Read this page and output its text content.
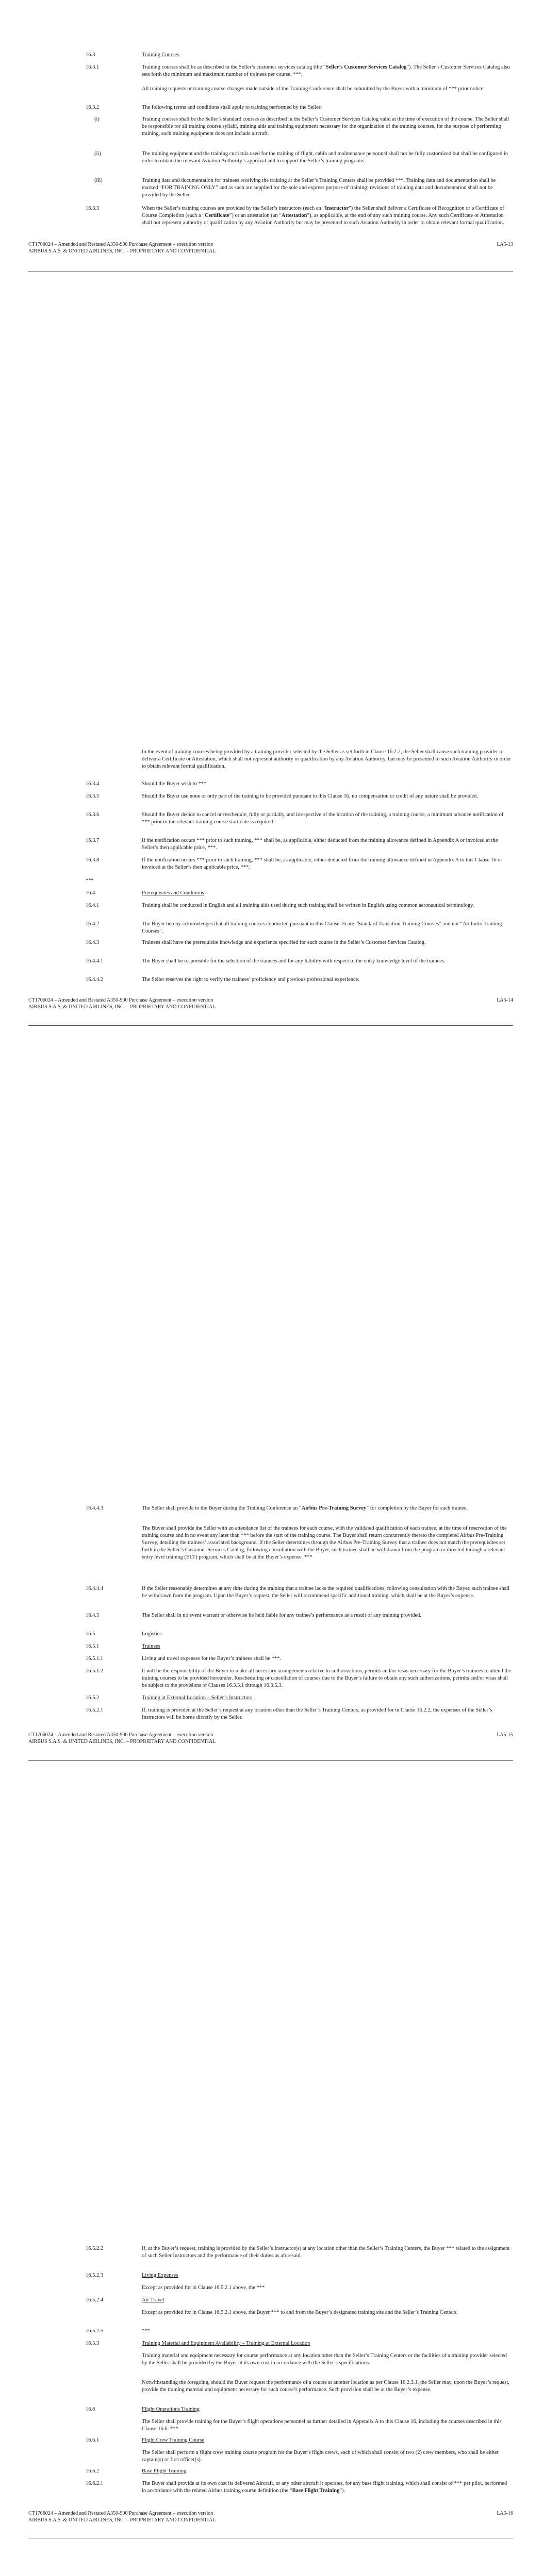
16.3	Training Courses
16.3.1	Training courses shall be as described in the Seller’s customer services catalog (the “Seller’s Customer Services Catalog”). The Seller’s Customer Services Catalog also sets forth the minimum and maximum number of trainees per course. ***.
All training requests or training course changes made outside of the Training Conference shall be submitted by the Buyer with a minimum of *** prior notice.
16.3.2	The following terms and conditions shall apply to training performed by the Seller:
(i)	Training courses shall be the Seller’s standard courses as described in the Seller’s Customer Services Catalog valid at the time of execution of the course. The Seller shall be responsible for all training course syllabi, training aids and training equipment necessary for the organization of the training courses, for the purpose of performing training, such training equipment does not include aircraft.
(ii)	The training equipment and the training curricula used for the training of flight, cabin and maintenance personnel shall not be fully customized but shall be configured in order to obtain the relevant Aviation Authority’s approval and to support the Seller’s training programs.
(iii)	Training data and documentation for trainees receiving the training at the Seller’s Training Centers shall be provided ***. Training data and documentation shall be marked “FOR TRAINING ONLY” and as such are supplied for the sole and express purpose of training; revisions of training data and documentation shall not be provided by the Seller.
16.3.3	When the Seller’s training courses are provided by the Seller’s instructors (each an “Instructor”) the Seller shall deliver a Certificate of Recognition or a Certificate of Course Completion (each a “Certificate”) or an attestation (an “Attestation”), as applicable, at the end of any such training course. Any such Certificate or Attestation shall not represent authority or qualification by any Aviation Authority but may be presented to such Aviation Authority in order to obtain relevant formal qualification.
CT1706024 – Amended and Restated A350-900 Purchase Agreement – execution version
AIRBUS S.A.S. & UNITED AIRLINES, INC. – PROPRIETARY AND CONFIDENTIAL
LA5-13
In the event of training courses being provided by a training provider selected by the Seller as set forth in Clause 16.2.2, the Seller shall cause such training provider to deliver a Certificate or Attestation, which shall not represent authority or qualification by any Aviation Authority, but may be presented to such Aviation Authority in order to obtain relevant formal qualification.
16.3.4	Should the Buyer wish to ***
16.3.5	Should the Buyer use none or only part of the training to be provided pursuant to this Clause 16, no compensation or credit of any nature shall be provided.
16.3.6	Should the Buyer decide to cancel or reschedule, fully or partially, and irrespective of the location of the training, a training course, a minimum advance notification of *** prior to the relevant training course start date is required.
16.3.7	If the notification occurs *** prior to such training, *** shall be, as applicable, either deducted from the training allowance defined in Appendix A or invoiced at the Seller’s then applicable price, ***.
16.3.8	If the notification occurs *** prior to such training, *** shall be, as applicable, either deducted from the training allowance defined in Appendix A to this Clause 16 or invoiced at the Seller’s then applicable price, ***.
***
16.4	Prerequisites and Conditions
16.4.1	Training shall be conducted in English and all training aids used during such training shall be written in English using common aeronautical terminology.
16.4.2	The Buyer hereby acknowledges that all training courses conducted pursuant to this Clause 16 are “Standard Transition Training Courses” and not “Ab Initio Training Courses”.
16.4.3	Trainees shall have the prerequisite knowledge and experience specified for each course in the Seller’s Customer Services Catalog.
16.4.4.1	The Buyer shall be responsible for the selection of the trainees and for any liability with respect to the entry knowledge level of the trainees.
16.4.4.2	The Seller reserves the right to verify the trainees’ proficiency and previous professional experience.
CT1706024 – Amended and Restated A350-900 Purchase Agreement – execution version
AIRBUS S.A.S. & UNITED AIRLINES, INC. – PROPRIETARY AND CONFIDENTIAL
LA5-14
16.4.4.3	The Seller shall provide to the Buyer during the Training Conference an “Airbus Pre-Training Survey” for completion by the Buyer for each trainee.
The Buyer shall provide the Seller with an attendance list of the trainees for each course, with the validated qualification of each trainee, at the time of reservation of the training course and in no event any later than *** before the start of the training course. The Buyer shall return concurrently thereto the completed Airbus Pre-Training Survey, detailing the trainees’ associated background. If the Seller determines through the Airbus Pre-Training Survey that a trainee does not match the prerequisites set forth in the Seller’s Customer Services Catalog, following consultation with the Buyer, such trainee shall be withdrawn from the program or directed through a relevant entry level training (ELT) program, which shall be at the Buyer’s expense. ***
16.4.4.4	If the Seller reasonably determines at any time during the training that a trainee lacks the required qualifications, following consultation with the Buyer, such trainee shall be withdrawn from the program. Upon the Buyer’s request, the Seller will recommend specific additional training, which shall be at the Buyer’s expense.
16.4.5	The Seller shall in no event warrant or otherwise be held liable for any trainee’s performance as a result of any training provided.
16.5	Logistics
16.5.1	Trainees
16.5.1.1	Living and travel expenses for the Buyer’s trainees shall be ***.
16.5.1.2	It will be the responsibility of the Buyer to make all necessary arrangements relative to authorizations, permits and/or visas necessary for the Buyer’s trainees to attend the training courses to be provided hereunder. Rescheduling or cancellation of courses due to the Buyer’s failure to obtain any such authorizations, permits and/or visas shall be subject to the provisions of Clauses 16.3.5.1 through 16.3.5.3.
16.5.2	Training at External Location – Seller’s Instructors
16.5.2.1	If, training is provided at the Seller’s request at any location other than the Seller’s Training Centers, as provided for in Clause 16.2.2, the expenses of the Seller’s Instructors will be borne directly by the Seller.
CT1706024 – Amended and Restated A350-900 Purchase Agreement – execution version
AIRBUS S.A.S. & UNITED AIRLINES, INC. – PROPRIETARY AND CONFIDENTIAL
LA5-15
16.5.2.2	If, at the Buyer’s request, training is provided by the Seller’s Instructor(s) at any location other than the Seller’s Training Centers, the Buyer *** related to the assignment of such Seller Instructors and the performance of their duties as aforesaid.
16.5.2.3	Living Expenses
Except as provided for in Clause 16.5.2.1 above, the ***
16.5.2.4	Air Travel
Except as provided for in Clause 16.5.2.1 above, the Buyer *** to and from the Buyer’s designated training site and the Seller’s Training Centers.
16.5.2.5	***
16.5.3	Training Material and Equipment Availability – Training at External Location
Training material and equipment necessary for course performance at any location other than the Seller’s Training Centers or the facilities of a training provider selected by the Seller shall be provided by the Buyer at its own cost in accordance with the Seller’s specifications.
Notwithstanding the foregoing, should the Buyer request the performance of a course at another location as per Clause 16.2.3.1, the Seller may, upon the Buyer’s request, provide the training material and equipment necessary for such course’s performance. Such provision shall be at the Buyer’s expense.
16.6	Flight Operations Training
The Seller shall provide training for the Buyer’s flight operations personnel as further detailed in Appendix A to this Clause 16, including the courses described in this Clause 16.6. ***
16.6.1	Flight Crew Training Course
The Seller shall perform a flight crew training course program for the Buyer’s flight crews, each of which shall consist of two (2) crew members, who shall be either captain(s) or first officer(s).
16.6.2	Base Flight Training
16.6.2.1	The Buyer shall provide at its own cost its delivered Aircraft, or any other aircraft it operates, for any base flight training, which shall consist of *** per pilot, performed in accordance with the related Airbus training course definition (the “Base Flight Training”).
CT1706024 – Amended and Restated A350-900 Purchase Agreement – execution version
AIRBUS S.A.S. & UNITED AIRLINES, INC. – PROPRIETARY AND CONFIDENTIAL
LA5-16
